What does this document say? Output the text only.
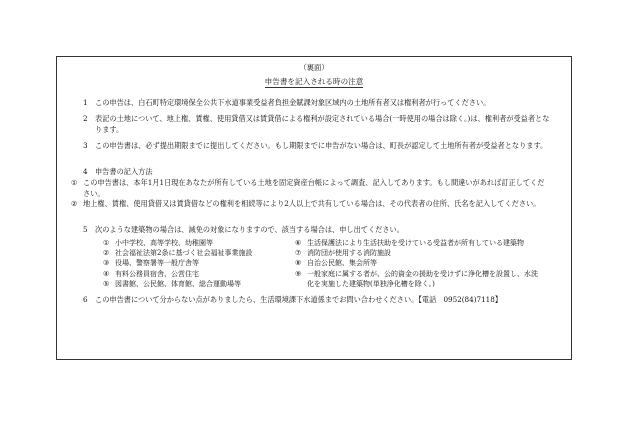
（裏面）
申告書を記入される時の注意
1	この申告は、白石町特定環境保全公共下水道事業受益者負担金賦課対象区域内の土地所有者又は権利者が行ってください。
2	表記の土地について、地上権、賃権、使用貸借又は賃貸借による権利が設定されている場合(一時使用の場合は除く。)は、権利者が受益者となります。
3	この申告書は、必ず提出期限までに提出してください。もし期限までに申告がない場合は、町長が認定して土地所有者が受益者となります。
4	申告書の記入方法
① この申告書は、本年1月1日現在あなたが所有している土地を固定資産台帳によって調査、記入してあります。もし間違いがあれば訂正してください。
② 地上権、賃権、使用貸借又は賃貸借などの権利を相続等により2人以上で共有している場合は、その代表者の住所、氏名を記入してください。
5	次のような建築物の場合は、減免の対象になりますので、該当する場合は、申し出てください。
① 小中学校、高等学校、幼稚園等
② 社会福祉法第2条に基づく社会福祉事業施設
③ 役場、警察署等一般庁舎等
④ 有料公務員宿舎、公営住宅
⑤ 図書館、公民館、体育館、総合運動場等
⑥ 生活保護法により生活扶助を受けている受益者が所有している建築物
⑦ 消防団が使用する消防施設
⑧ 自治公民館、集会所等
⑨ 一般家庭に属する者が、公的資金の援助を受けずに浄化槽を設置し、水洗
化を実施した建築物(単独浄化槽を除く。)
6	この申告書について分からない点がありましたら、生活環境課下水道係までお問い合わせください。【電話　0952(84)7118】
